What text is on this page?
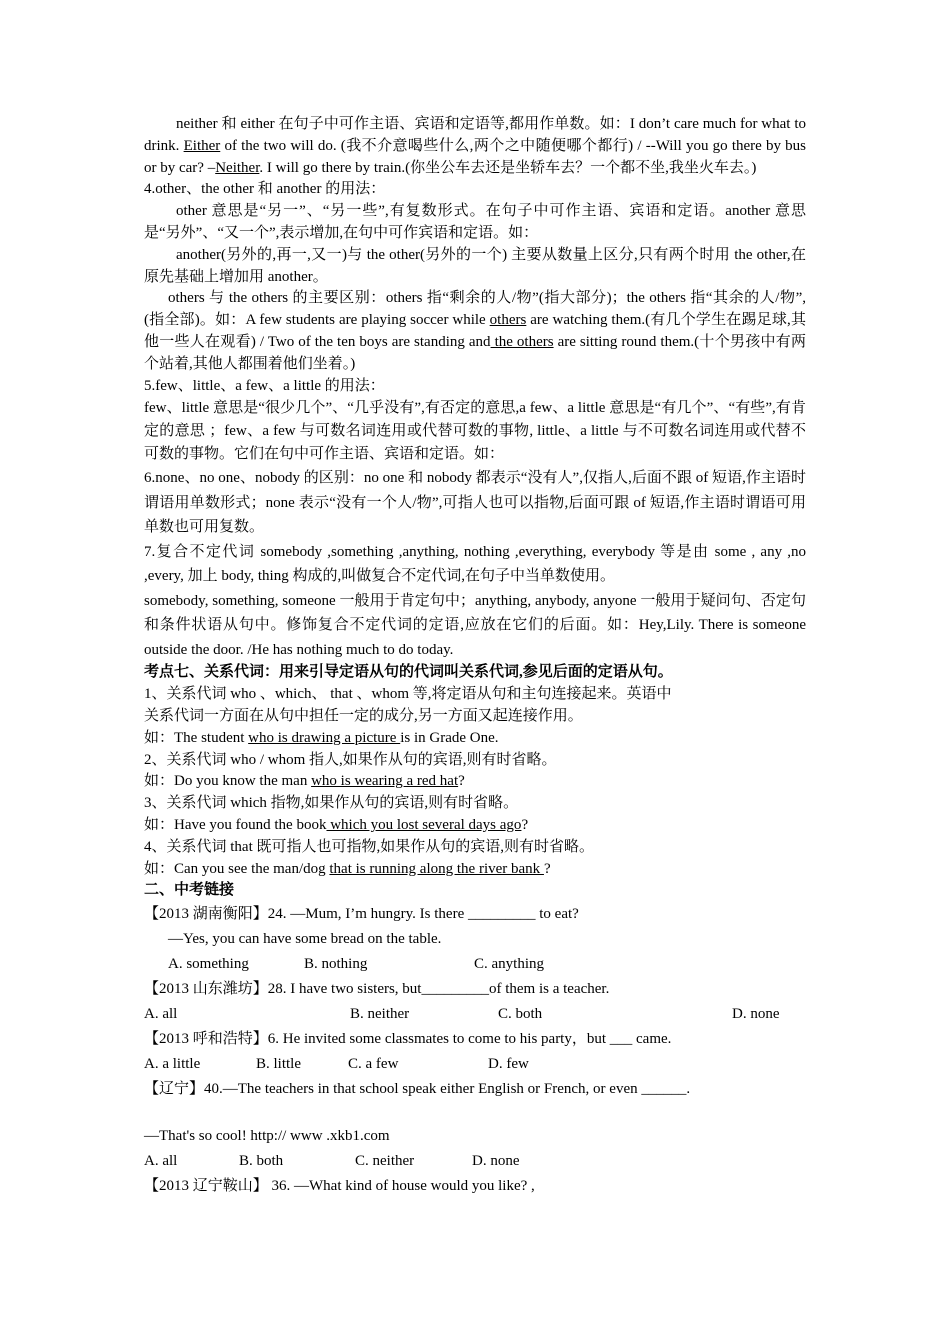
neither 和 either 在句子中可作主语、宾语和定语等,都用作单数。如：I don’t care much for what to drink. Either of the two will do. (我不介意喝些什么,两个之中随便哪个都行) / --Will you go there by bus or by car? –Neither. I will go there by train.(你坐公车去还是坐轿车去？一个都不坐,我坐火车去。)

4.other、the other 和 another 的用法：

other 意思是“另一”、“另一些”,有复数形式。在句子中可作主语、宾语和定语。another 意思是“另外”、“又一个”,表示增加,在句中可作宾语和定语。如：

another(另外的,再一,又一)与 the other(另外的一个) 主要从数量上区分,只有两个时用 the other,在原先基础上增加用 another。

others 与 the others 的主要区别：others 指“剩余的人/物”(指大部分)；the others 指“其余的人/物”,(指全部)。如：A few students are playing soccer while others are watching them.(有几个学生在踢足球,其他一些人在观看) / Two of the ten boys are standing and the others are sitting round them.(十个男孩中有两个站着,其他人都围着他们坐着。)

5.few、little、a few、a little 的用法：

few、little 意思是“很少几个”、“几乎没有”,有否定的意思,a few、a little 意思是“有几个”、“有些”,有肯定的意思 ；few、a few 与可数名词连用或代替可数的事物, little、a little 与不可数名词连用或代替不可数的事物。它们在句中可作主语、宾语和定语。如：

6.none、no one、nobody 的区别：no one 和 nobody 都表示“没有人”,仅指人,后面不跟 of 短语,作主语时谓语用单数形式；none 表示“没有一个人/物”,可指人也可以指物,后面可跟 of 短语,作主语时谓语可用单数也可用复数。

7.复合不定代词 somebody ,something ,anything, nothing ,everything, everybody 等是由 some , any ,no ,every, 加上 body, thing 构成的,叫做复合不定代词,在句子中当单数使用。

somebody, something, someone 一般用于肯定句中；anything, anybody, anyone 一般用于疑问句、否定句和条件状语从句中。修饰复合不定代词的定语,应放在它们的后面。如：Hey,Lily. There is someone outside the door. /He has nothing much to do today.

考点七、关系代词：用来引导定语从句的代词叫关系代词,参见后面的定语从句。

1、关系代词 who 、which、 that 、whom 等,将定语从句和主句连接起来。英语中

关系代词一方面在从句中担任一定的成分,另一方面又起连接作用。

如：The student who is drawing a picture is in Grade One.

2、关系代词 who / whom 指人,如果作从句的宾语,则有时省略。

如：Do you know the man who is wearing a red hat?

3、关系代词 which 指物,如果作从句的宾语,则有时省略。

如：Have you found the book which you lost several days ago?

4、关系代词 that 既可指人也可指物,如果作从句的宾语,则有时省略。

如：Can you see the man/dog that is running along the river bank ?

二、中考链接

【2013 湖南衡阳】24. —Mum, I’m hungry. Is there _________ to eat?

—Yes, you can have some bread on the table.

A. something	B. nothing	C. anything

【2013 山东潍坊】28. I have two sisters, but_________of them is a teacher.

A. all	B. neither	C. both	D. none

【2013 呼和浩特】6. He invited some classmates to come to his party，but ___ came.

A. a little	B. little	C. a few	D. few

【辽宁】40.—The teachers in that school speak either English or French, or even ______.

—That's so cool! http:// www .xkb1.com

A. all	B. both	C. neither	D. none

【2013 辽宁鞍山】 36. —What kind of house would you like? ,
